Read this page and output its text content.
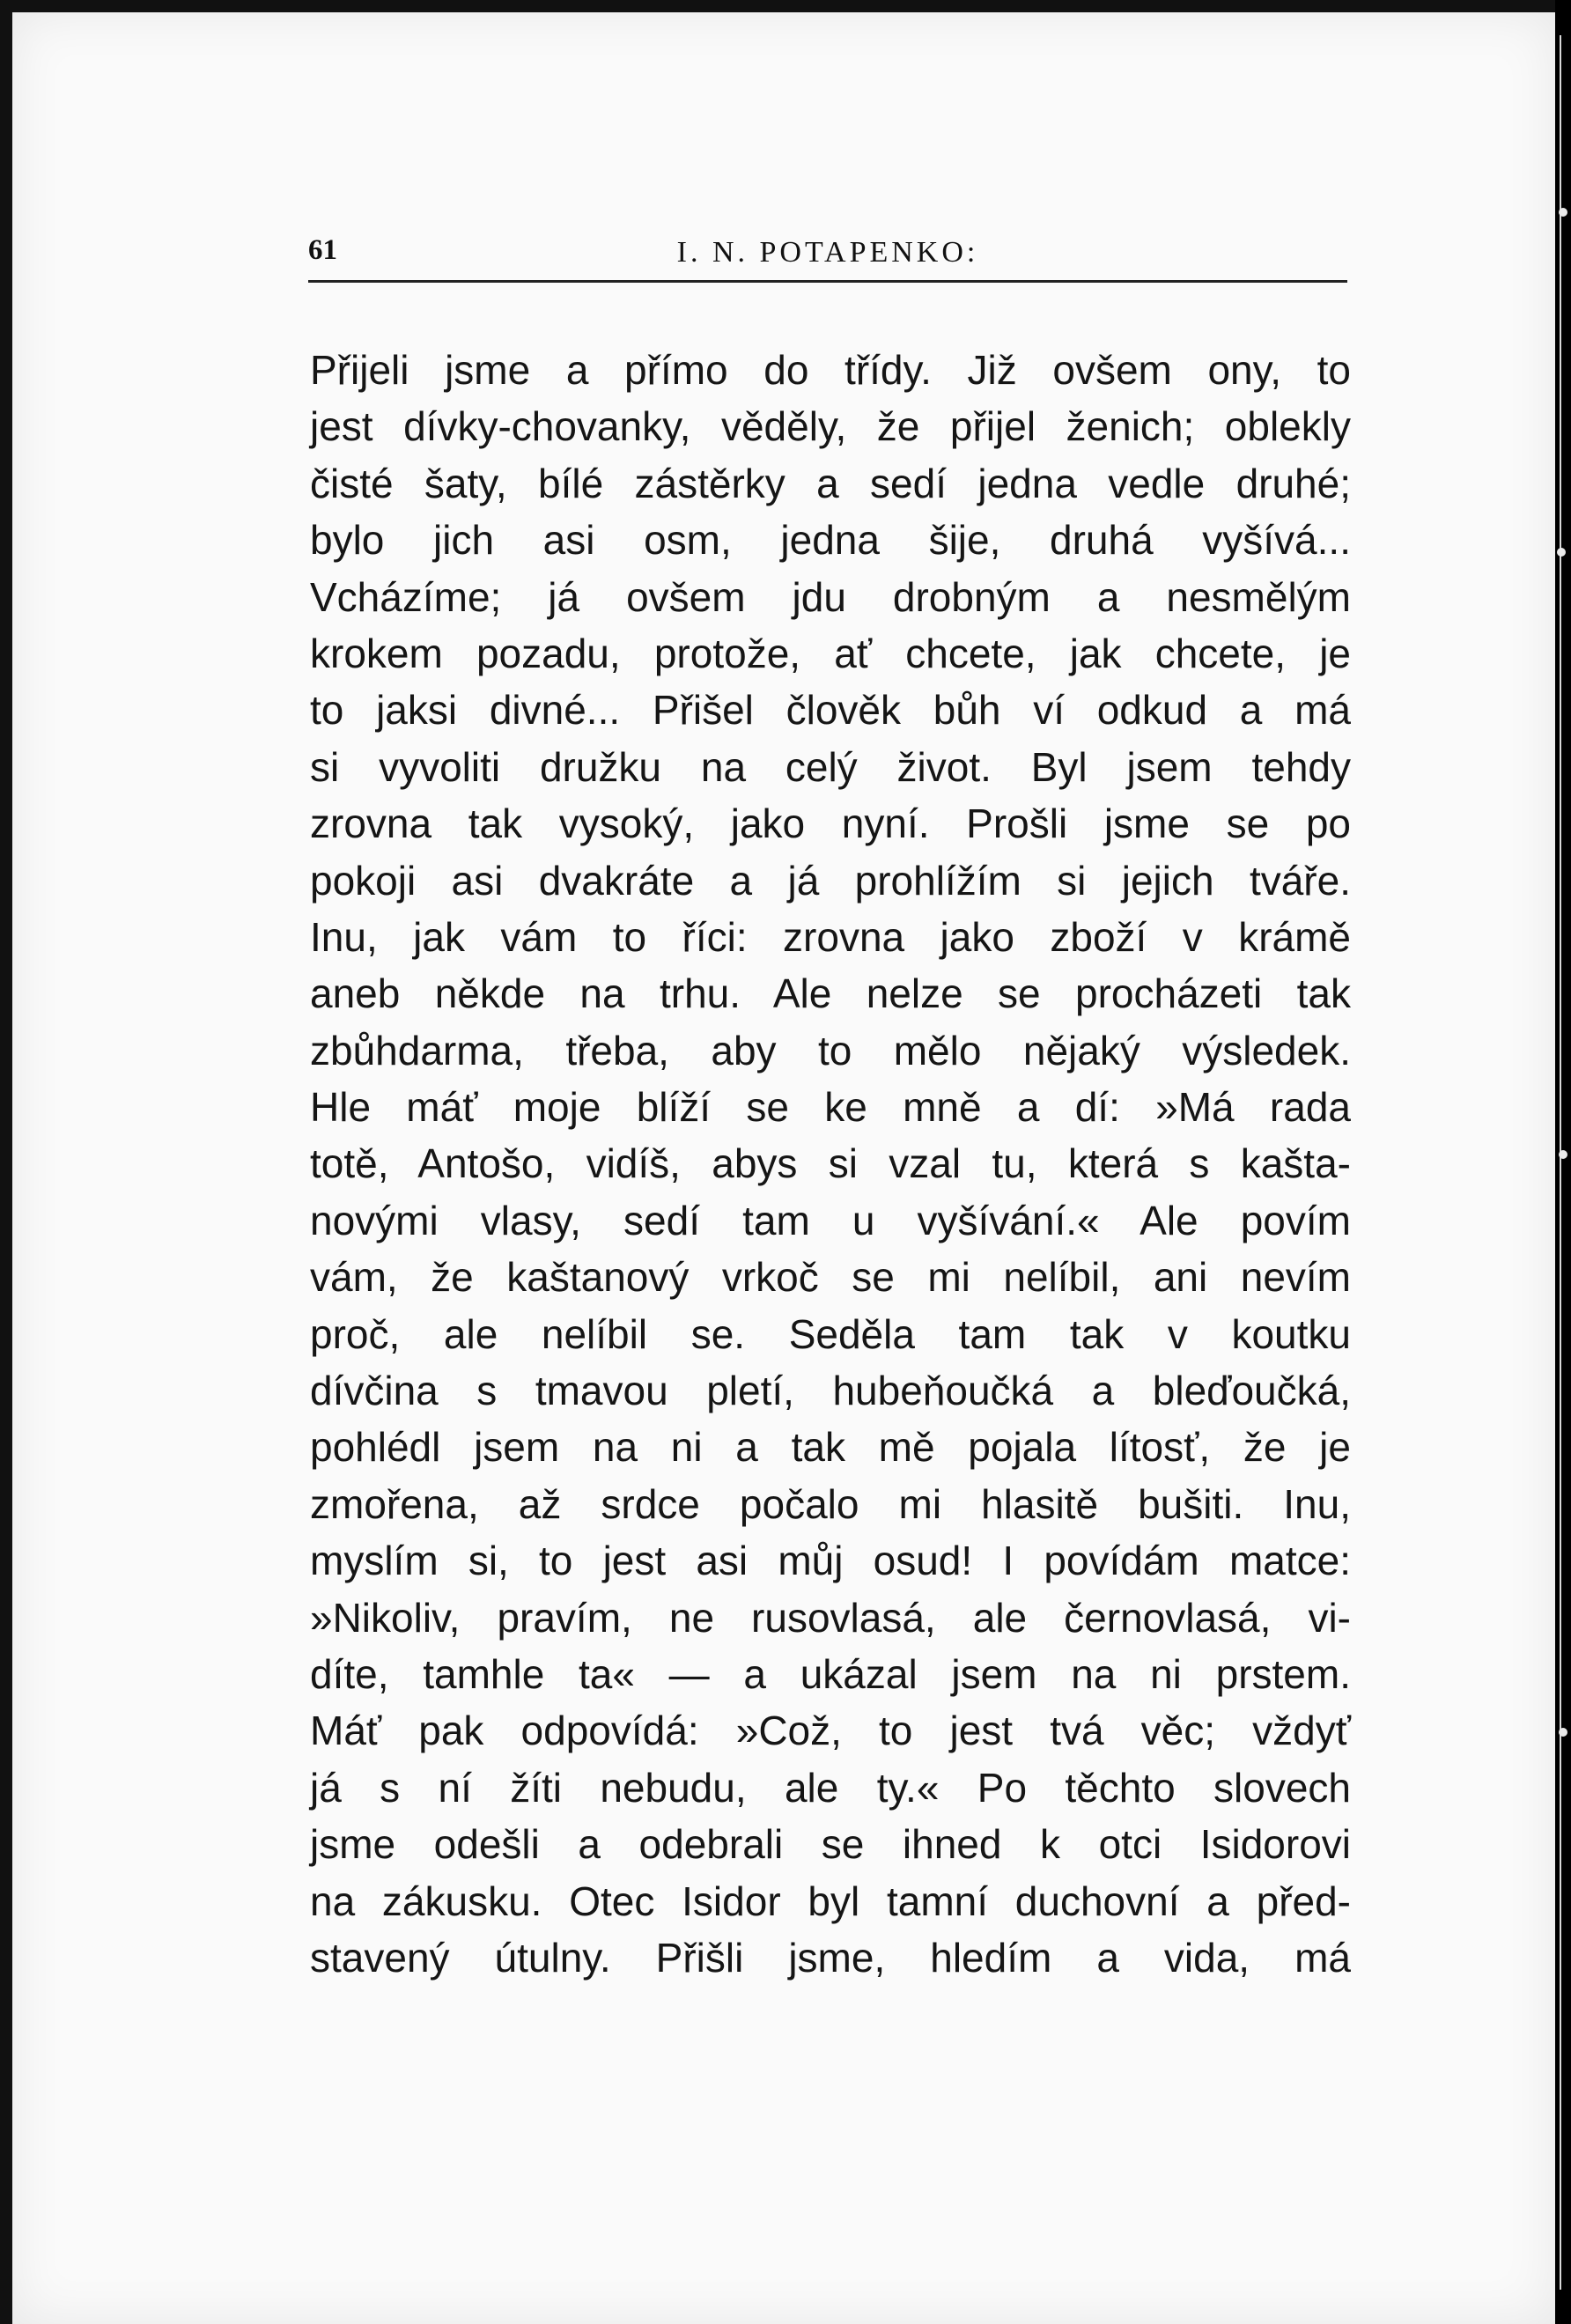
61	I. N. POTAPENKO:
Přijeli jsme a přímo do třídy. Již ovšem ony, to
jest dívky-chovanky, věděly, že přijel ženich; oblekly
čisté šaty, bílé zástěrky a sedí jedna vedle druhé;
bylo jich asi osm, jedna šije, druhá vyšívá...
Vcházíme; já ovšem jdu drobným a nesmělým
krokem pozadu, protože, ať chcete, jak chcete, je
to jaksi divné... Přišel člověk bůh ví odkud a má
si vyvoliti družku na celý život. Byl jsem tehdy
zrovna tak vysoký, jako nyní. Prošli jsme se po
pokoji asi dvakráte a já prohlížím si jejich tváře.
Inu, jak vám to říci: zrovna jako zboží v krámě
aneb někde na trhu. Ale nelze se procházeti tak
zbůhdarma, třeba, aby to mělo nějaký výsledek.
Hle máť moje blíží se ke mně a dí: »Má rada
totě, Antošo, vidíš, abys si vzal tu, která s kašta-
novými vlasy, sedí tam u vyšívání.« Ale povím
vám, že kaštanový vrkoč se mi nelíbil, ani nevím
proč, ale nelíbil se. Seděla tam tak v koutku
dívčina s tmavou pletí, hubeňoučká a bleďoučká,
pohlédl jsem na ni a tak mě pojala lítosť, že je
zmořena, až srdce počalo mi hlasitě bušiti. Inu,
myslím si, to jest asi můj osud! I povídám matce:
»Nikoliv, pravím, ne rusovlasá, ale černovlasá, vi-
díte, tamhle ta« — a ukázal jsem na ni prstem.
Máť pak odpovídá: »Což, to jest tvá věc; vždyť
já s ní žíti nebudu, ale ty.« Po těchto slovech
jsme odešli a odebrali se ihned k otci Isidorovi
na zákusku. Otec Isidor byl tamní duchovní a před-
stavený útulny. Přišli jsme, hledím a vida, má
